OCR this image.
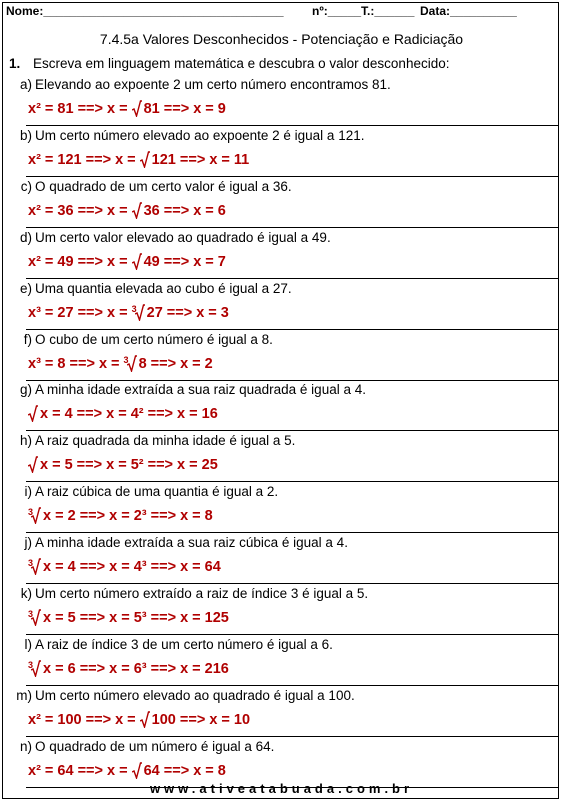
Nome:____________________________________ nº:_____ T.:______ Data:__________
7.4.5a Valores Desconhecidos - Potenciação e Radiciação
1. Escreva em linguagem matemática e descubra o valor desconhecido:
a) Elevando ao expoente 2 um certo número encontramos 81.
x² = 81 ==> x =
81 ==> x = 9
b) Um certo número elevado ao expoente 2 é igual a 121.
x² = 121 ==> x =
121 ==> x = 11
c) O quadrado de um certo valor é igual a 36.
x² = 36 ==> x =
36 ==> x = 6
d) Um certo valor elevado ao quadrado é igual a 49.
x² = 49 ==> x =
49 ==> x = 7
e) Uma quantia elevada ao cubo é igual a 27.
x³ = 27 ==> x = $^3$ 27 ==> x = 3
f) O cubo de um certo número é igual a 8.
x³ = 8 ==> x = $^3$ 8 ==> x = 2
g) A minha idade extraída a sua raiz quadrada é igual a 4.
x = 4 ==> x = 4² ==> x = 16
h) A raiz quadrada da minha idade é igual a 5.
x = 5 ==> x = 5² ==> x = 25
i) A raiz cúbica de uma quantia é igual a 2.
$^3$ x = 2 ==> x = 2³ ==> x = 8
j) A minha idade extraída a sua raiz cúbica é igual a 4.
$^3$ x = 4 ==> x = 4³ ==> x = 64
k) Um certo número extraído a raiz de índice 3 é igual a 5.
$^3$ x = 5 ==> x = 5³ ==> x = 125
l) A raiz de índice 3 de um certo número é igual a 6.
$^3$ x = 6 ==> x = 6³ ==> x = 216
m) Um certo número elevado ao quadrado é igual a 100.
x² = 100 ==> x =
100 ==> x = 10
n) O quadrado de um número é igual a 64.
x² = 64 ==> x =
64 ==> x = 8
www.ativeatabuada.com.br
